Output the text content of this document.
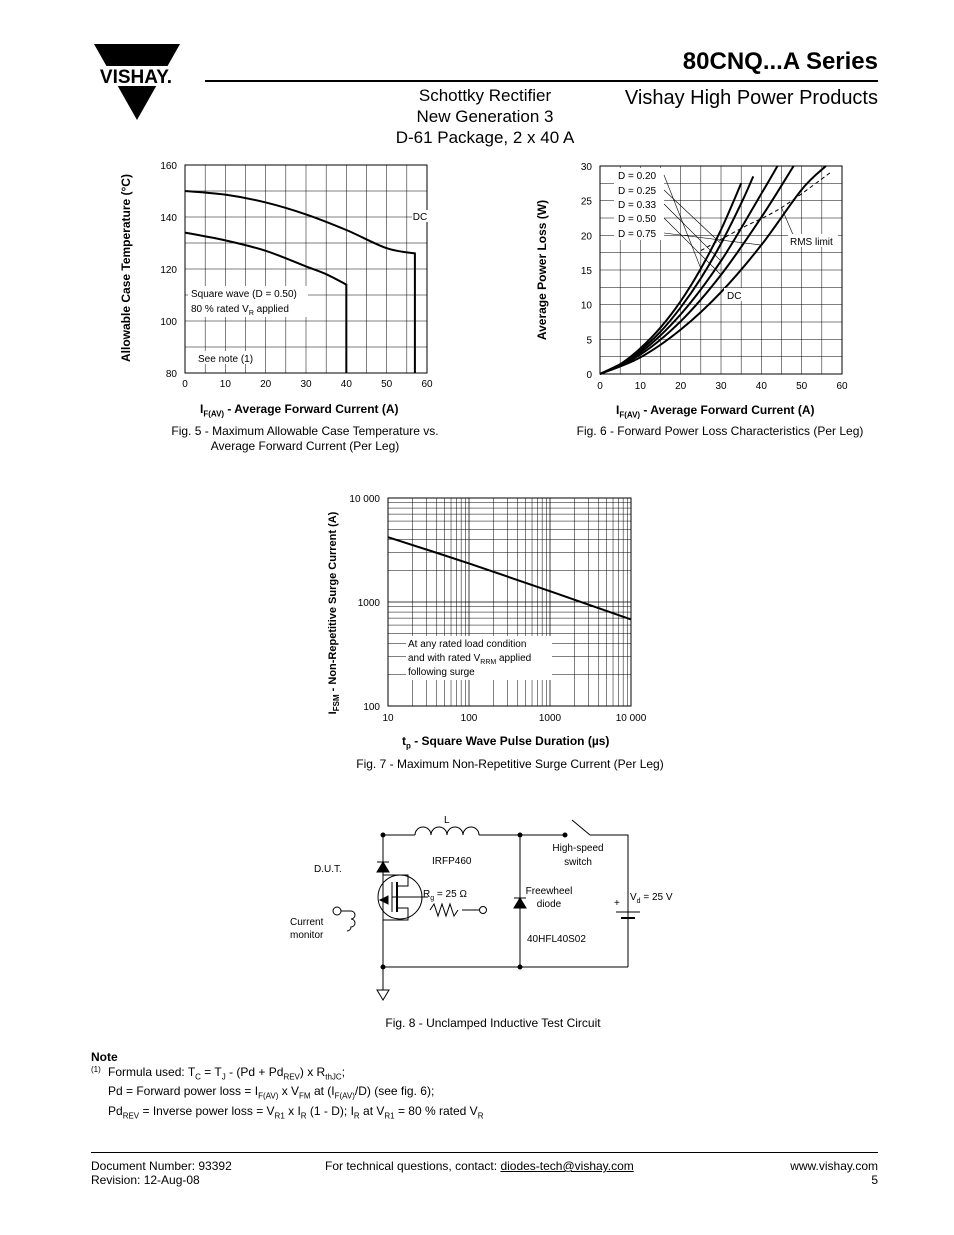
VISHAY.
80CNQ...A Series
Vishay High Power Products
Schottky Rectifier
New Generation 3
D-61 Package, 2 x 40 A
0	10	20	30	40	50	60
80
100
120
140
160
Allowable Case Temperature (°C)	DC
Square wave (D = 0.50)
80 % rated $V_R$ applied
See note (1)
$I_{F(AV)}$ - Average Forward Current (A)
Fig. 5 - Maximum Allowable Case Temperature vs.
Average Forward Current (Per Leg)
0	10	20	30	40	50	60
0
5
10
15
20
25
30
Average Power Loss (W)
D = 0.20
D = 0.25
D = 0.33
D = 0.50
D = 0.75
RMS limit
DC
$I_{F(AV)}$ - Average Forward Current (A)
Fig. 6 - Forward Power Loss Characteristics (Per Leg)
10	100	1000	10 000
100
1000
10 000
$I_{FSM}$ - Non-Repetitive Surge Current (A)	At any rated load condition
and with rated $V_{RRM}$ applied
following surge
$t_p$ - Square Wave Pulse Duration (µs)
Fig. 7 - Maximum Non-Repetitive Surge Current (Per Leg)
L
D.U.T.
IRFP460
$R_g = 25$ Ω
Current
monitor
High-speed
switch
Freewheel
diode
40HFL40S02
+
$V_d = 25$ V
Fig. 8 - Unclamped Inductive Test Circuit
Note
(1) Formula used: $T_C = T_J - (Pd + Pd_{REV})$ x $R_{thJC}$;
Pd = Forward power loss = $I_{F(AV)}$ x $V_{FM}$ at $(I_{F(AV)}/D)$ (see fig. 6);
$Pd_{REV}$ = Inverse power loss = $V_{R1}$ x $I_R$ (1 - D); $I_R$ at $V_{R1} = 80$ % rated $V_R$
Document Number: 93392
Revision: 12-Aug-08
For technical questions, contact: diodes-tech@vishay.com	www.vishay.com
5
